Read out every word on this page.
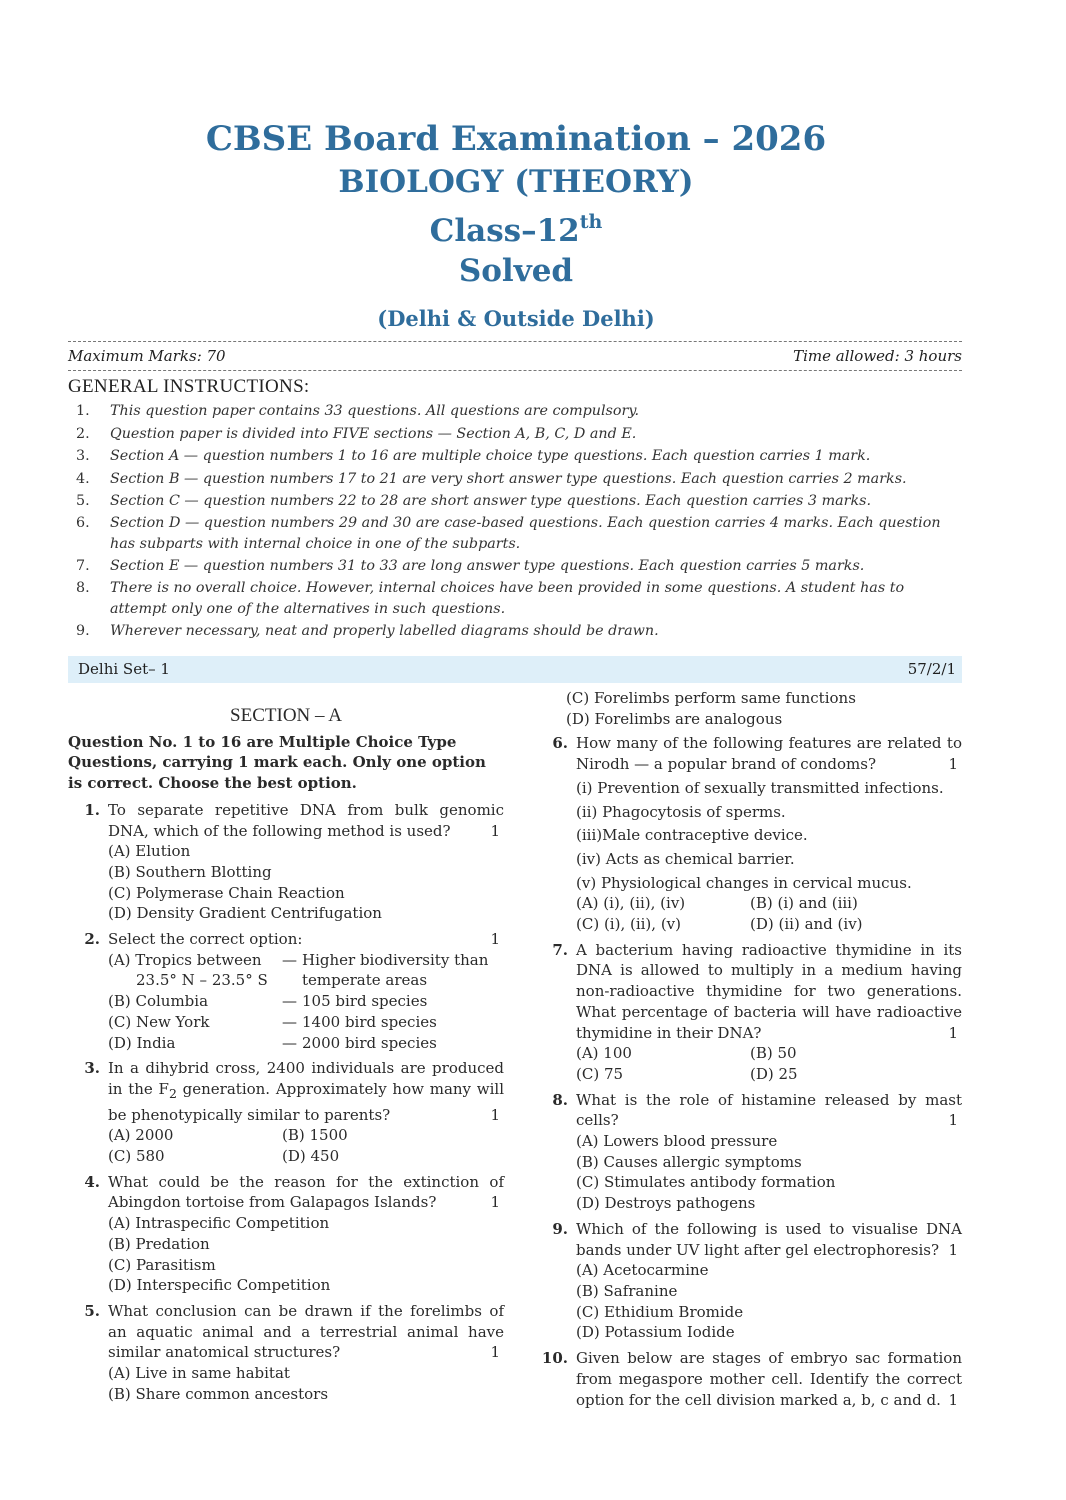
CBSE Board Examination – 2026
BIOLOGY (THEORY)
Class–12th
Solved
(Delhi & Outside Delhi)
Maximum Marks: 70	Time allowed: 3 hours
GENERAL INSTRUCTIONS:
1. This question paper contains 33 questions. All questions are compulsory.
2. Question paper is divided into FIVE sections — Section A, B, C, D and E.
3. Section A — question numbers 1 to 16 are multiple choice type questions. Each question carries 1 mark.
4. Section B — question numbers 17 to 21 are very short answer type questions. Each question carries 2 marks.
5. Section C — question numbers 22 to 28 are short answer type questions. Each question carries 3 marks.
6. Section D — question numbers 29 and 30 are case-based questions. Each question carries 4 marks. Each question has subparts with internal choice in one of the subparts.
7. Section E — question numbers 31 to 33 are long answer type questions. Each question carries 5 marks.
8. There is no overall choice. However, internal choices have been provided in some questions. A student has to attempt only one of the alternatives in such questions.
9. Wherever necessary, neat and properly labelled diagrams should be drawn.
Delhi Set– 1	57/2/1
SECTION – A
Question No. 1 to 16 are Multiple Choice Type Questions, carrying 1 mark each. Only one option is correct. Choose the best option.
1. To separate repetitive DNA from bulk genomic DNA, which of the following method is used?	1
(A) Elution
(B) Southern Blotting
(C) Polymerase Chain Reaction
(D) Density Gradient Centrifugation
2. Select the correct option:	1
(A) Tropics between	— Higher biodiversity than
23.5° N – 23.5° S	temperate areas
(B) Columbia	— 105 bird species
(C) New York	— 1400 bird species
(D) India	— 2000 bird species
3. In a dihybrid cross, 2400 individuals are produced in the $F_2$ generation. Approximately how many will be phenotypically similar to parents?	1
(A) 2000	(B) 1500
(C) 580	(D) 450
4. What could be the reason for the extinction of Abingdon tortoise from Galapagos Islands?	1
(A) Intraspecific Competition
(B) Predation
(C) Parasitism
(D) Interspecific Competition
5. What conclusion can be drawn if the forelimbs of an aquatic animal and a terrestrial animal have similar anatomical structures?	1
(A) Live in same habitat
(B) Share common ancestors
(C) Forelimbs perform same functions
(D) Forelimbs are analogous
6. How many of the following features are related to Nirodh — a popular brand of condoms?	1
(i) Prevention of sexually transmitted infections.
(ii) Phagocytosis of sperms.
(iii)Male contraceptive device.
(iv) Acts as chemical barrier.
(v) Physiological changes in cervical mucus.
(A) (i), (ii), (iv)	(B) (i) and (iii)
(C) (i), (ii), (v)	(D) (ii) and (iv)
7. A bacterium having radioactive thymidine in its DNA is allowed to multiply in a medium having non-radioactive thymidine for two generations. What percentage of bacteria will have radioactive thymidine in their DNA?	1
(A) 100	(B) 50
(C) 75	(D) 25
8. What is the role of histamine released by mast cells?	1
(A) Lowers blood pressure
(B) Causes allergic symptoms
(C) Stimulates antibody formation
(D) Destroys pathogens
9. Which of the following is used to visualise DNA bands under UV light after gel electrophoresis? 1
(A) Acetocarmine
(B) Safranine
(C) Ethidium Bromide
(D) Potassium Iodide
10. Given below are stages of embryo sac formation from megaspore mother cell. Identify the correct option for the cell division marked a, b, c and d. 1
